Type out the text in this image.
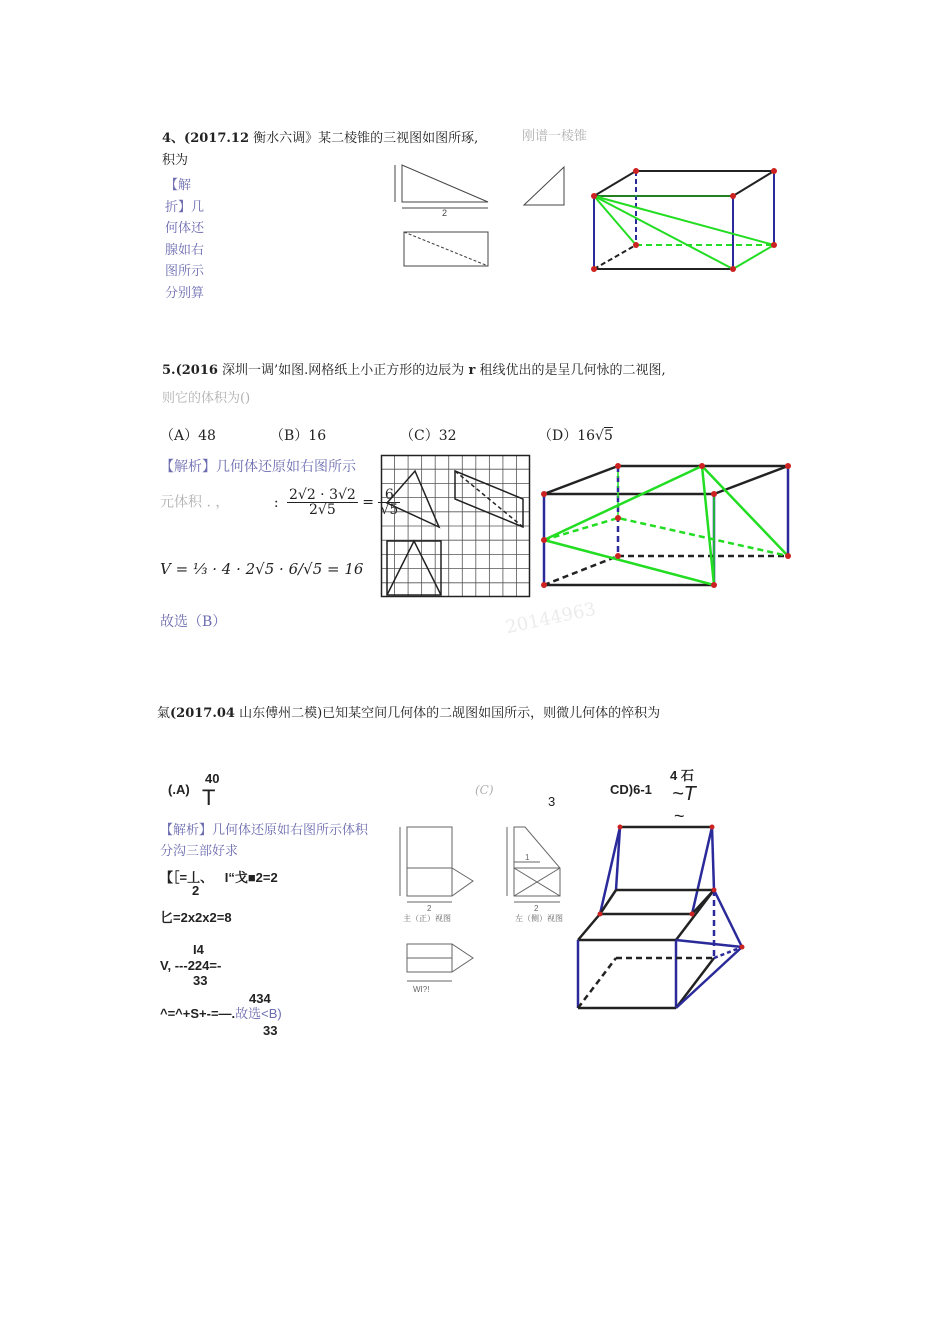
4、(2017.12 衡水六调》某二棱锥的三视图如图所琢,	刚谱一棱锥
积为
【解
折】几
何体还
腺如右
图所示
分别算
2
5.(2016 深圳一调’如图.网格纸上小正方形的边辰为 r 租线优出的是呈几何怺的二视图,
则它的体积为()
（A）48	（B）16	（C）32	（D）16√5
【解析】几何体还原如右图所示
元体积 . ，	: $\frac{2√2 \cdot 3√2}{2√5} = \frac{6}{√5}$
V = ⅓ · 4 · 2√5 · 6/√5 = 16
故选（B）	20144963
氣(2017.04 山东傅州二模)已知某空间几何体的二觇图如国所示，则微儿何体的悴积为
(.A)
40
T	(C)
3
CD)6-1
4 石
~T
~
【解析】几何体还原如右图所示体积
分沟三部好求
【［=丄、 I“戈■2=2
2
匕=2x2x2=8
I4
V, ---224=-
33
434
^=^+S+-=—.故选<B)
33
2
主（正）视图
2
左（侧）视图
1
WI?!
